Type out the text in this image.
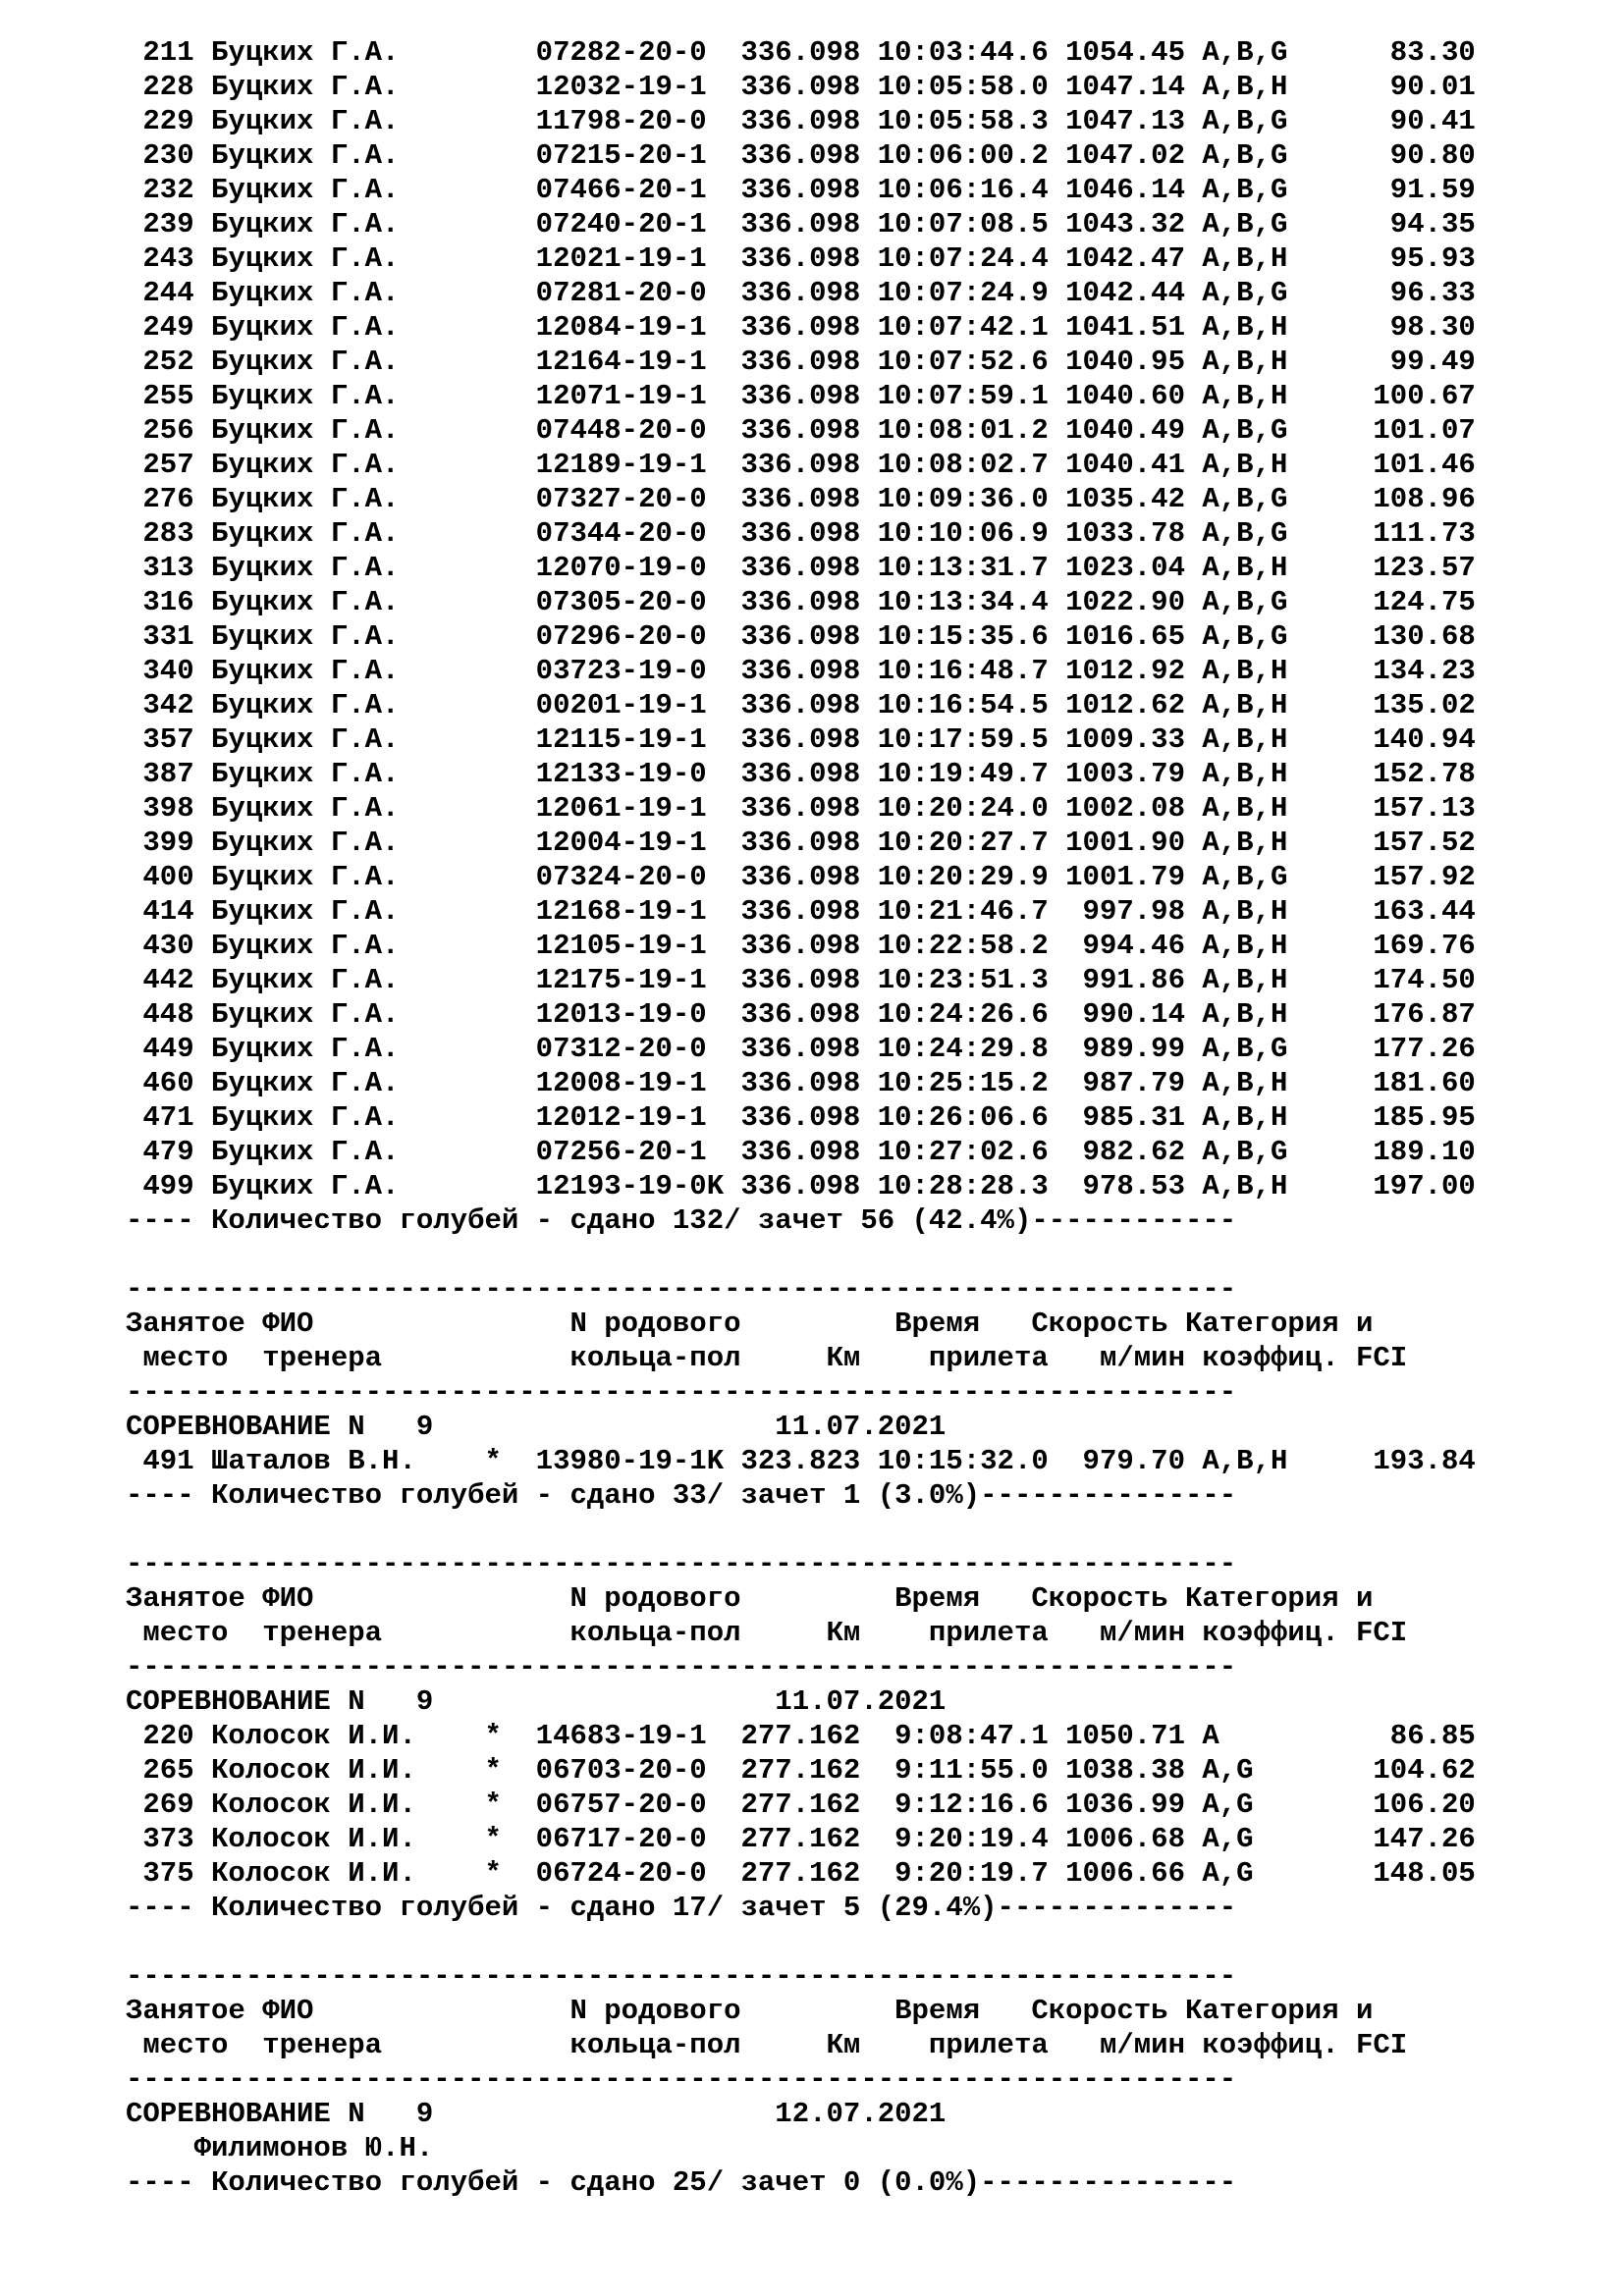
211 Буцких Г.А.        07282-20-0  336.098 10:03:44.6 1054.45 A,B,G      83.30
228 Буцких Г.А.        12032-19-1  336.098 10:05:58.0 1047.14 A,B,H      90.01
229 Буцких Г.А.        11798-20-0  336.098 10:05:58.3 1047.13 A,B,G      90.41
230 Буцких Г.А.        07215-20-1  336.098 10:06:00.2 1047.02 A,B,G      90.80
232 Буцких Г.А.        07466-20-1  336.098 10:06:16.4 1046.14 A,B,G      91.59
239 Буцких Г.А.        07240-20-1  336.098 10:07:08.5 1043.32 A,B,G      94.35
243 Буцких Г.А.        12021-19-1  336.098 10:07:24.4 1042.47 A,B,H      95.93
244 Буцких Г.А.        07281-20-0  336.098 10:07:24.9 1042.44 A,B,G      96.33
249 Буцких Г.А.        12084-19-1  336.098 10:07:42.1 1041.51 A,B,H      98.30
252 Буцких Г.А.        12164-19-1  336.098 10:07:52.6 1040.95 A,B,H      99.49
255 Буцких Г.А.        12071-19-1  336.098 10:07:59.1 1040.60 A,B,H     100.67
256 Буцких Г.А.        07448-20-0  336.098 10:08:01.2 1040.49 A,B,G     101.07
257 Буцких Г.А.        12189-19-1  336.098 10:08:02.7 1040.41 A,B,H     101.46
276 Буцких Г.А.        07327-20-0  336.098 10:09:36.0 1035.42 A,B,G     108.96
283 Буцких Г.А.        07344-20-0  336.098 10:10:06.9 1033.78 A,B,G     111.73
313 Буцких Г.А.        12070-19-0  336.098 10:13:31.7 1023.04 A,B,H     123.57
316 Буцких Г.А.        07305-20-0  336.098 10:13:34.4 1022.90 A,B,G     124.75
331 Буцких Г.А.        07296-20-0  336.098 10:15:35.6 1016.65 A,B,G     130.68
340 Буцких Г.А.        03723-19-0  336.098 10:16:48.7 1012.92 A,B,H     134.23
342 Буцких Г.А.        00201-19-1  336.098 10:16:54.5 1012.62 A,B,H     135.02
357 Буцких Г.А.        12115-19-1  336.098 10:17:59.5 1009.33 A,B,H     140.94
387 Буцких Г.А.        12133-19-0  336.098 10:19:49.7 1003.79 A,B,H     152.78
398 Буцких Г.А.        12061-19-1  336.098 10:20:24.0 1002.08 A,B,H     157.13
399 Буцких Г.А.        12004-19-1  336.098 10:20:27.7 1001.90 A,B,H     157.52
400 Буцких Г.А.        07324-20-0  336.098 10:20:29.9 1001.79 A,B,G     157.92
414 Буцких Г.А.        12168-19-1  336.098 10:21:46.7  997.98 A,B,H     163.44
430 Буцких Г.А.        12105-19-1  336.098 10:22:58.2  994.46 A,B,H     169.76
442 Буцких Г.А.        12175-19-1  336.098 10:23:51.3  991.86 A,B,H     174.50
448 Буцких Г.А.        12013-19-0  336.098 10:24:26.6  990.14 A,B,H     176.87
449 Буцких Г.А.        07312-20-0  336.098 10:24:29.8  989.99 A,B,G     177.26
460 Буцких Г.А.        12008-19-1  336.098 10:25:15.2  987.79 A,B,H     181.60
471 Буцких Г.А.        12012-19-1  336.098 10:26:06.6  985.31 A,B,H     185.95
479 Буцких Г.А.        07256-20-1  336.098 10:27:02.6  982.62 A,B,G     189.10
499 Буцких Г.А.        12193-19-0K 336.098 10:28:28.3  978.53 A,B,H     197.00
---- Количество голубей - сдано 132/ зачет 56 (42.4%)------------
-----------------------------------------------------------------
Занятое ФИО               N родового         Время   Скорость Категория и
место  тренера           кольца-пол     Км    прилета   м/мин коэффиц. FCI
-----------------------------------------------------------------
СОРЕВНОВАНИЕ N   9                    11.07.2021
491 Шаталов В.Н.    *  13980-19-1K 323.823 10:15:32.0  979.70 A,B,H     193.84
---- Количество голубей - сдано 33/ зачет 1 (3.0%)---------------
-----------------------------------------------------------------
Занятое ФИО               N родового         Время   Скорость Категория и
место  тренера           кольца-пол     Км    прилета   м/мин коэффиц. FCI
-----------------------------------------------------------------
СОРЕВНОВАНИЕ N   9                    11.07.2021
220 Колосок И.И.    *  14683-19-1  277.162  9:08:47.1 1050.71 A          86.85
265 Колосок И.И.    *  06703-20-0  277.162  9:11:55.0 1038.38 A,G       104.62
269 Колосок И.И.    *  06757-20-0  277.162  9:12:16.6 1036.99 A,G       106.20
373 Колосок И.И.    *  06717-20-0  277.162  9:20:19.4 1006.68 A,G       147.26
375 Колосок И.И.    *  06724-20-0  277.162  9:20:19.7 1006.66 A,G       148.05
---- Количество голубей - сдано 17/ зачет 5 (29.4%)--------------
-----------------------------------------------------------------
Занятое ФИО               N родового         Время   Скорость Категория и
место  тренера           кольца-пол     Км    прилета   м/мин коэффиц. FCI
-----------------------------------------------------------------
СОРЕВНОВАНИЕ N   9                    12.07.2021
Филимонов Ю.Н.
---- Количество голубей - сдано 25/ зачет 0 (0.0%)---------------
